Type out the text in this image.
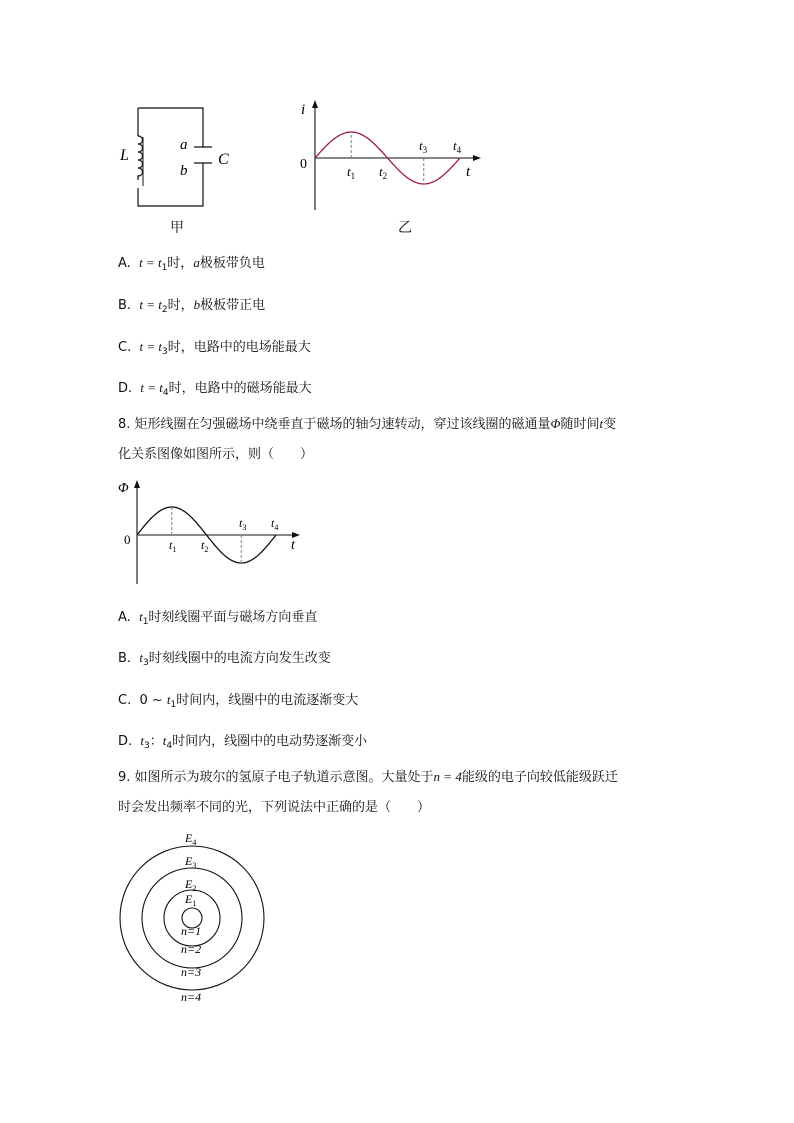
L
a
b
C
甲
i
0	$t_1$ $t_2$
$t_3$ $t_4$
t
乙
A. $t = t_1$时，a极板带负电
B. $t = t_2$时，b极板带正电
C. $t = t_3$时，电路中的电场能最大
D. $t = t_4$时，电路中的磁场能最大
8. 矩形线圈在匀强磁场中绕垂直于磁场的轴匀速转动，穿过该线圈的磁通量Φ随时间t变
化关系图像如图所示，则（　　）
Φ
0	$t_1$ $t_2$
$t_3$ $t_4$
t
A. $t_1$时刻线圈平面与磁场方向垂直
B. $t_3$时刻线圈中的电流方向发生改变
C. 0 ~ $t_1$时间内，线圈中的电流逐渐变大
D. $t_3$：$t_4$时间内，线圈中的电动势逐渐变小
9. 如图所示为玻尔的氢原子电子轨道示意图。大量处于n = 4能级的电子向较低能级跃迁
时会发出频率不同的光，下列说法中正确的是（　　）
$E_4$
$E_3$
$E_2$
$E_1$
n=1
n=2
n=3
n=4
